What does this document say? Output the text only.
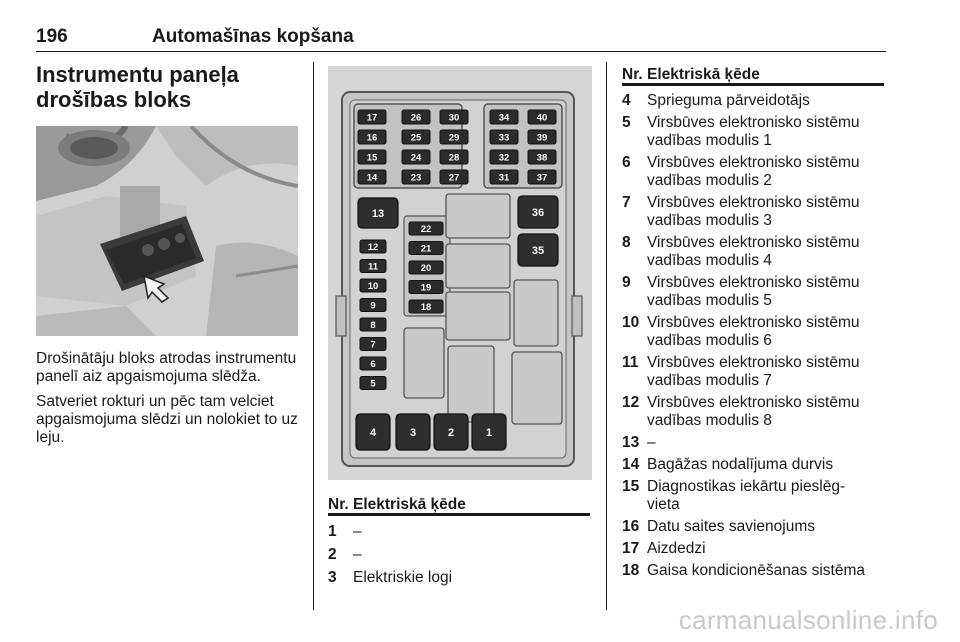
196	Automašīnas kopšana
Instrumentu paneļa
drošības bloks

Drošinātāju bloks atrodas instrumentu panelī aiz apgaismojuma slēdža.

Satveriet rokturi un pēc tam velciet apgaismojuma slēdzi un nolokiet to uz leju.

17
16
15
14
26
25
24
23
30
29
28
27
34
33
32
31
40
39
38
37
12
11
10
9
8
7
6
5
22
21
20
19
18
13	36
35
4	3	2	1
Nr. Elektriskā ķēde
1 –
2 –
3 Elektriskie logi
Nr. Elektriskā ķēde
4 Sprieguma pārveidotājs
5 Virsbūves elektronisko sistēmu vadības modulis 1
6 Virsbūves elektronisko sistēmu vadības modulis 2
7 Virsbūves elektronisko sistēmu vadības modulis 3
8 Virsbūves elektronisko sistēmu vadības modulis 4
9 Virsbūves elektronisko sistēmu vadības modulis 5
10 Virsbūves elektronisko sistēmu vadības modulis 6
11 Virsbūves elektronisko sistēmu vadības modulis 7
12 Virsbūves elektronisko sistēmu vadības modulis 8
13 –
14 Bagāžas nodalījuma durvis
15 Diagnostikas iekārtu pieslēg-
vieta
16 Datu saites savienojums
17 Aizdedzi
18 Gaisa kondicionēšanas sistēma
carmanualsonline.info
